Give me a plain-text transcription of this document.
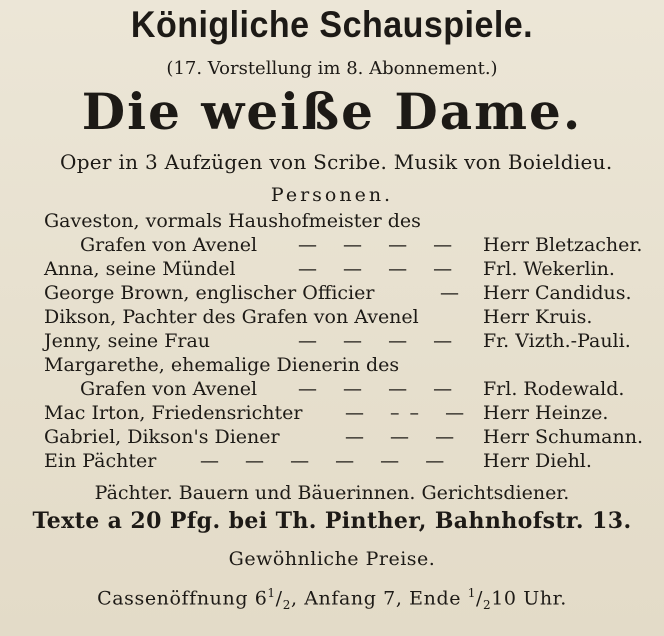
Königliche Schauspiele.
(17. Vorstellung im 8. Abonnement.)
Die weiße Dame.
Oper in 3 Aufzügen von Scribe. Musik von Boieldieu.
Personen.
Gaveston, vormals Haushofmeister des
Grafen von Avenel — — — — Herr Bletzacher.
Anna, seine Mündel	— — — — Frl. Wekerlin.
George Brown, englischer Officier	— Herr Candidus.
Dikson, Pachter des Grafen von Avenel	Herr Kruis.
Jenny, seine Frau	— — — — Fr. Vizth.-Pauli.
Margarethe, ehemalige Dienerin des
Grafen von Avenel — — — — Frl. Rodewald.
Mac Irton, Friedensrichter — –– — Herr Heinze.
Gabriel, Dikson's Diener	— — — Herr Schumann.
Ein Pächter — — — — — — Herr Diehl.
Pächter. Bauern und Bäuerinnen. Gerichtsdiener.
Texte a 20 Pfg. bei Th. Pinther, Bahnhofstr. 13.
Gewöhnliche Preise.
Cassenöffnung $6^1/_2$, Anfang 7, Ende $^1/_210$ Uhr.
